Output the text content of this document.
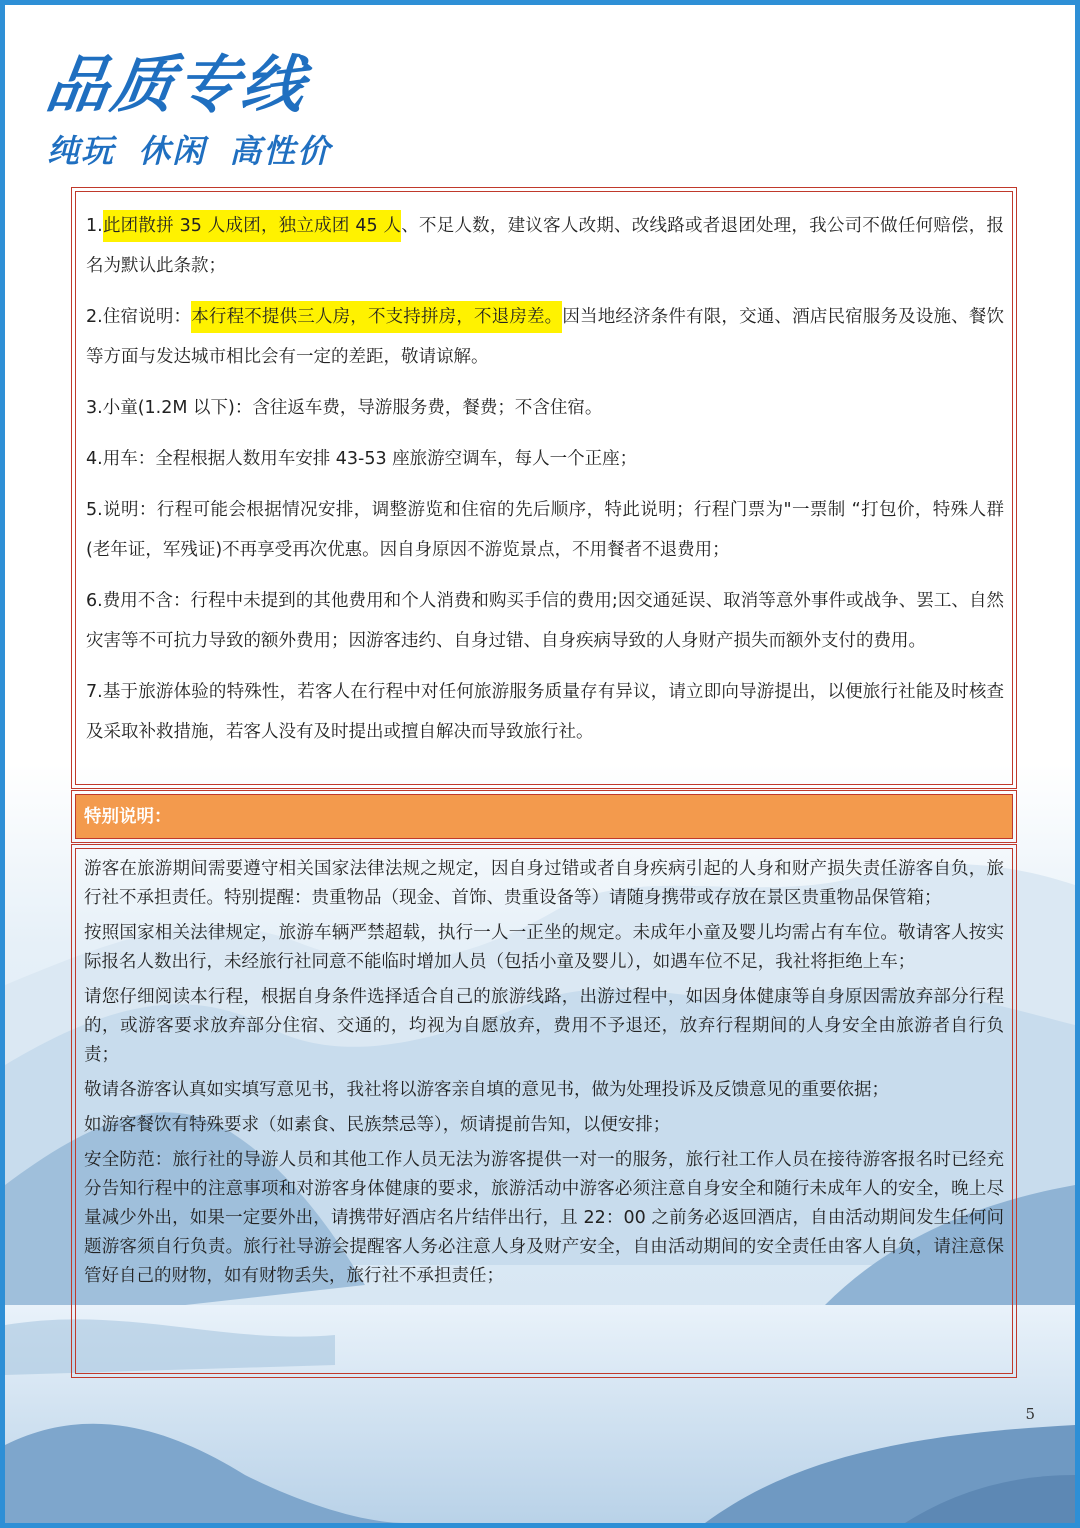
品质专线
纯玩 休闲 高性价

1.此团散拼 35 人成团，独立成团 45 人、不足人数，建议客人改期、改线路或者退团处理，我公司不做任何赔偿，报名为默认此条款；

2.住宿说明：本行程不提供三人房，不支持拼房，不退房差。因当地经济条件有限，交通、酒店民宿服务及设施、餐饮等方面与发达城市相比会有一定的差距，敬请谅解。

3.小童(1.2M 以下)：含往返车费，导游服务费，餐费；不含住宿。

4.用车：全程根据人数用车安排 43-53 座旅游空调车，每人一个正座；

5.说明：行程可能会根据情况安排，调整游览和住宿的先后顺序，特此说明；行程门票为"一票制 “打包价，特殊人群(老年证，军残证)不再享受再次优惠。因自身原因不游览景点，不用餐者不退费用；

6.费用不含：行程中未提到的其他费用和个人消费和购买手信的费用;因交通延误、取消等意外事件或战争、罢工、自然灾害等不可抗力导致的额外费用；因游客违约、自身过错、自身疾病导致的人身财产损失而额外支付的费用。

7.基于旅游体验的特殊性，若客人在行程中对任何旅游服务质量存有异议，请立即向导游提出，以便旅行社能及时核查及采取补救措施，若客人没有及时提出或擅自解决而导致旅行社。

特别说明：

游客在旅游期间需要遵守相关国家法律法规之规定，因自身过错或者自身疾病引起的人身和财产损失责任游客自负，旅行社不承担责任。特别提醒：贵重物品（现金、首饰、贵重设备等）请随身携带或存放在景区贵重物品保管箱；

按照国家相关法律规定，旅游车辆严禁超载，执行一人一正坐的规定。未成年小童及婴儿均需占有车位。敬请客人按实际报名人数出行，未经旅行社同意不能临时增加人员（包括小童及婴儿），如遇车位不足，我社将拒绝上车；

请您仔细阅读本行程，根据自身条件选择适合自己的旅游线路，出游过程中，如因身体健康等自身原因需放弃部分行程的，或游客要求放弃部分住宿、交通的，均视为自愿放弃，费用不予退还，放弃行程期间的人身安全由旅游者自行负责；

敬请各游客认真如实填写意见书，我社将以游客亲自填的意见书，做为处理投诉及反馈意见的重要依据；

如游客餐饮有特殊要求（如素食、民族禁忌等），烦请提前告知，以便安排；

安全防范：旅行社的导游人员和其他工作人员无法为游客提供一对一的服务，旅行社工作人员在接待游客报名时已经充分告知行程中的注意事项和对游客身体健康的要求，旅游活动中游客必须注意自身安全和随行未成年人的安全，晚上尽量减少外出，如果一定要外出，请携带好酒店名片结伴出行，且 22：00 之前务必返回酒店，自由活动期间发生任何问题游客须自行负责。旅行社导游会提醒客人务必注意人身及财产安全，自由活动期间的安全责任由客人自负，请注意保管好自己的财物，如有财物丢失，旅行社不承担责任；

5
